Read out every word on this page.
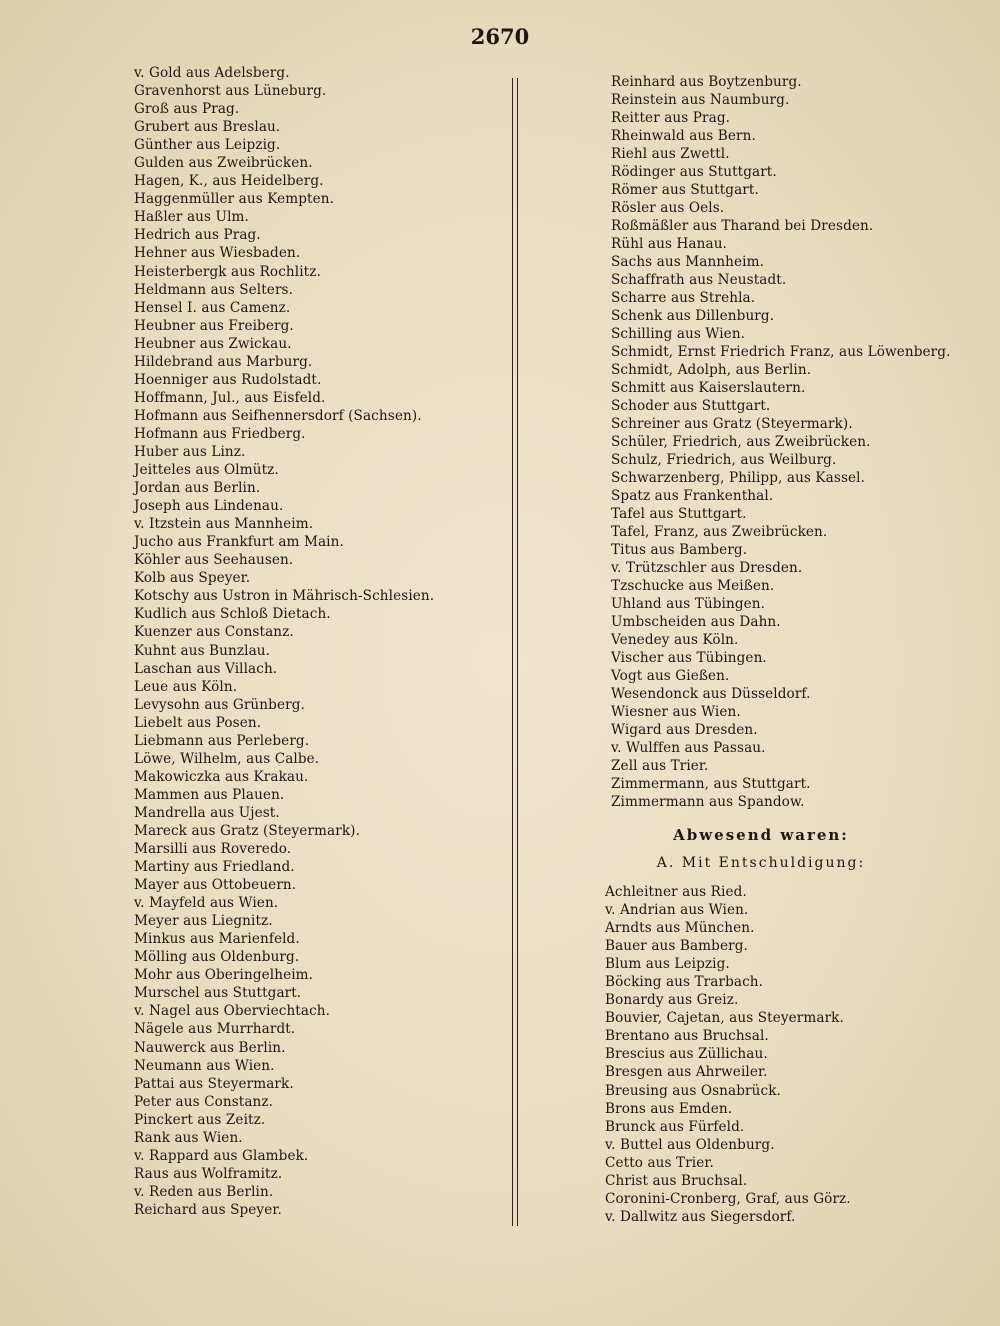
2670
v. Gold aus Adelsberg.
Gravenhorst aus Lüneburg.
Groß aus Prag.
Grubert aus Breslau.
Günther aus Leipzig.
Gulden aus Zweibrücken.
Hagen, K., aus Heidelberg.
Haggenmüller aus Kempten.
Haßler aus Ulm.
Hedrich aus Prag.
Hehner aus Wiesbaden.
Heisterbergk aus Rochlitz.
Heldmann aus Selters.
Hensel I. aus Camenz.
Heubner aus Freiberg.
Heubner aus Zwickau.
Hildebrand aus Marburg.
Hoenniger aus Rudolstadt.
Hoffmann, Jul., aus Eisfeld.
Hofmann aus Seifhennersdorf (Sachsen).
Hofmann aus Friedberg.
Huber aus Linz.
Jeitteles aus Olmütz.
Jordan aus Berlin.
Joseph aus Lindenau.
v. Itzstein aus Mannheim.
Jucho aus Frankfurt am Main.
Köhler aus Seehausen.
Kolb aus Speyer.
Kotschy aus Ustron in Mährisch-Schlesien.
Kudlich aus Schloß Dietach.
Kuenzer aus Constanz.
Kuhnt aus Bunzlau.
Laschan aus Villach.
Leue aus Köln.
Levysohn aus Grünberg.
Liebelt aus Posen.
Liebmann aus Perleberg.
Löwe, Wilhelm, aus Calbe.
Makowiczka aus Krakau.
Mammen aus Plauen.
Mandrella aus Ujest.
Mareck aus Gratz (Steyermark).
Marsilli aus Roveredo.
Martiny aus Friedland.
Mayer aus Ottobeuern.
v. Mayfeld aus Wien.
Meyer aus Liegnitz.
Minkus aus Marienfeld.
Mölling aus Oldenburg.
Mohr aus Oberingelheim.
Murschel aus Stuttgart.
v. Nagel aus Oberviechtach.
Nägele aus Murrhardt.
Nauwerck aus Berlin.
Neumann aus Wien.
Pattai aus Steyermark.
Peter aus Constanz.
Pinckert aus Zeitz.
Rank aus Wien.
v. Rappard aus Glambek.
Raus aus Wolframitz.
v. Reden aus Berlin.
Reichard aus Speyer.
Reinhard aus Boytzenburg.
Reinstein aus Naumburg.
Reitter aus Prag.
Rheinwald aus Bern.
Riehl aus Zwettl.
Rödinger aus Stuttgart.
Römer aus Stuttgart.
Rösler aus Oels.
Roßmäßler aus Tharand bei Dresden.
Rühl aus Hanau.
Sachs aus Mannheim.
Schaffrath aus Neustadt.
Scharre aus Strehla.
Schenk aus Dillenburg.
Schilling aus Wien.
Schmidt, Ernst Friedrich Franz, aus Löwenberg.
Schmidt, Adolph, aus Berlin.
Schmitt aus Kaiserslautern.
Schoder aus Stuttgart.
Schreiner aus Gratz (Steyermark).
Schüler, Friedrich, aus Zweibrücken.
Schulz, Friedrich, aus Weilburg.
Schwarzenberg, Philipp, aus Kassel.
Spatz aus Frankenthal.
Tafel aus Stuttgart.
Tafel, Franz, aus Zweibrücken.
Titus aus Bamberg.
v. Trützschler aus Dresden.
Tzschucke aus Meißen.
Uhland aus Tübingen.
Umbscheiden aus Dahn.
Venedey aus Köln.
Vischer aus Tübingen.
Vogt aus Gießen.
Wesendonck aus Düsseldorf.
Wiesner aus Wien.
Wigard aus Dresden.
v. Wulffen aus Passau.
Zell aus Trier.
Zimmermann, aus Stuttgart.
Zimmermann aus Spandow.
Abwesend waren:
A. Mit Entschuldigung:
Achleitner aus Ried.
v. Andrian aus Wien.
Arndts aus München.
Bauer aus Bamberg.
Blum aus Leipzig.
Böcking aus Trarbach.
Bonardy aus Greiz.
Bouvier, Cajetan, aus Steyermark.
Brentano aus Bruchsal.
Brescius aus Züllichau.
Bresgen aus Ahrweiler.
Breusing aus Osnabrück.
Brons aus Emden.
Brunck aus Fürfeld.
v. Buttel aus Oldenburg.
Cetto aus Trier.
Christ aus Bruchsal.
Coronini-Cronberg, Graf, aus Görz.
v. Dallwitz aus Siegersdorf.
